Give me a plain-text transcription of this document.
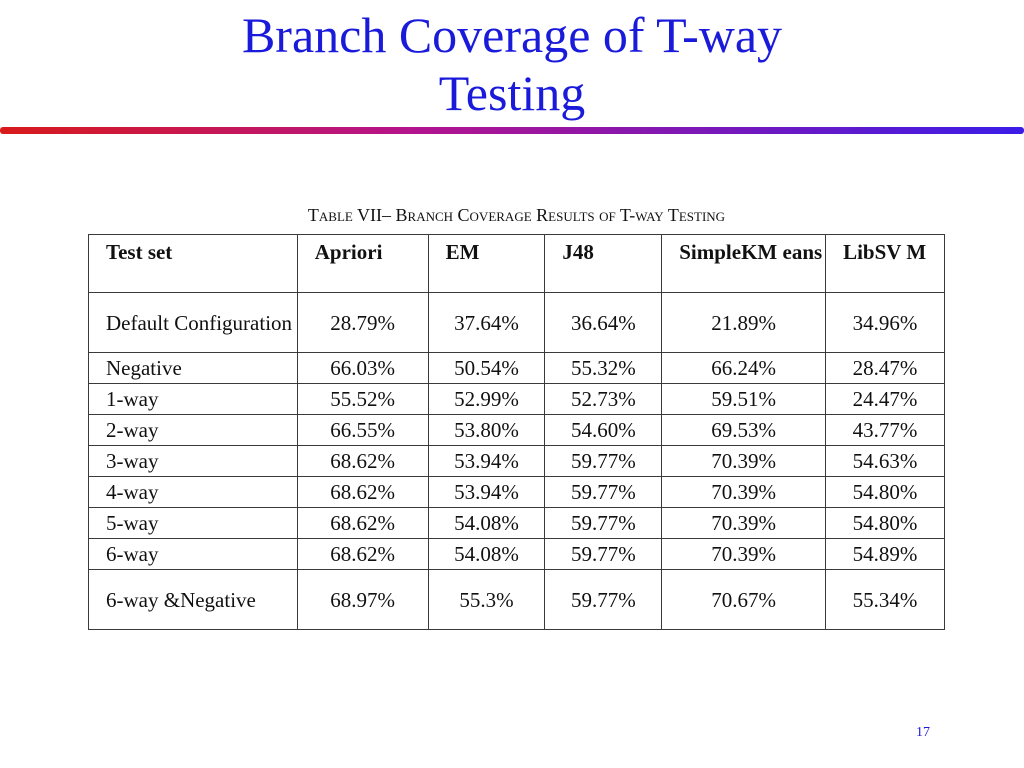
Branch Coverage of T-way
Testing
Table VII– Branch Coverage Results of T-way Testing
Test set	Apriori	EM	J48	SimpleKM eans	LibSV M
Default Configuration	28.79%	37.64%	36.64%	21.89%	34.96%
Negative	66.03%	50.54%	55.32%	66.24%	28.47%
1-way	55.52%	52.99%	52.73%	59.51%	24.47%
2-way	66.55%	53.80%	54.60%	69.53%	43.77%
3-way	68.62%	53.94%	59.77%	70.39%	54.63%
4-way	68.62%	53.94%	59.77%	70.39%	54.80%
5-way	68.62%	54.08%	59.77%	70.39%	54.80%
6-way	68.62%	54.08%	59.77%	70.39%	54.89%
6-way &Negative	68.97%	55.3%	59.77%	70.67%	55.34%
17
